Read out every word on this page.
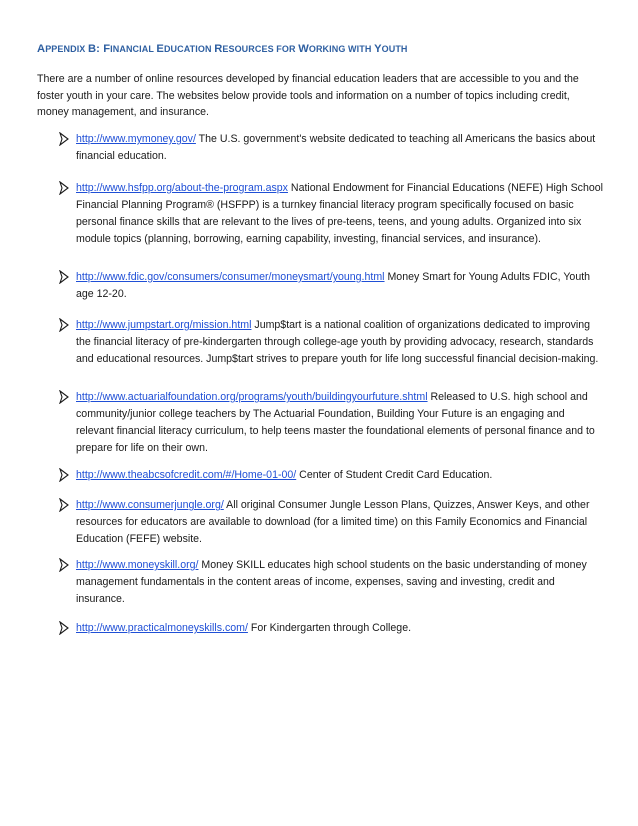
APPENDIX B: FINANCIAL EDUCATION RESOURCES FOR WORKING WITH YOUTH
There are a number of online resources developed by financial education leaders that are accessible to you and the foster youth in your care. The websites below provide tools and information on a number of topics including credit, money management, and insurance.
http://www.mymoney.gov/ The U.S. government's website dedicated to teaching all Americans the basics about financial education.
http://www.hsfpp.org/about-the-program.aspx National Endowment for Financial Educations (NEFE) High School Financial Planning Program® (HSFPP) is a turnkey financial literacy program specifically focused on basic personal finance skills that are relevant to the lives of pre-teens, teens, and young adults. Organized into six module topics (planning, borrowing, earning capability, investing, financial services, and insurance).
http://www.fdic.gov/consumers/consumer/moneysmart/young.html Money Smart for Young Adults FDIC, Youth age 12-20.
http://www.jumpstart.org/mission.html Jump$tart is a national coalition of organizations dedicated to improving the financial literacy of pre-kindergarten through college-age youth by providing advocacy, research, standards and educational resources. Jump$tart strives to prepare youth for life long successful financial decision-making.
http://www.actuarialfoundation.org/programs/youth/buildingyourfuture.shtml Released to U.S. high school and community/junior college teachers by The Actuarial Foundation, Building Your Future is an engaging and relevant financial literacy curriculum, to help teens master the foundational elements of personal finance and to prepare for life on their own.
http://www.theabcsofcredit.com/#/Home-01-00/ Center of Student Credit Card Education.
http://www.consumerjungle.org/ All original Consumer Jungle Lesson Plans, Quizzes, Answer Keys, and other resources for educators are available to download (for a limited time) on this Family Economics and Financial Education (FEFE) website.
http://www.moneyskill.org/ Money SKILL educates high school students on the basic understanding of money management fundamentals in the content areas of income, expenses, saving and investing, credit and insurance.
http://www.practicalmoneyskills.com/ For Kindergarten through College.
